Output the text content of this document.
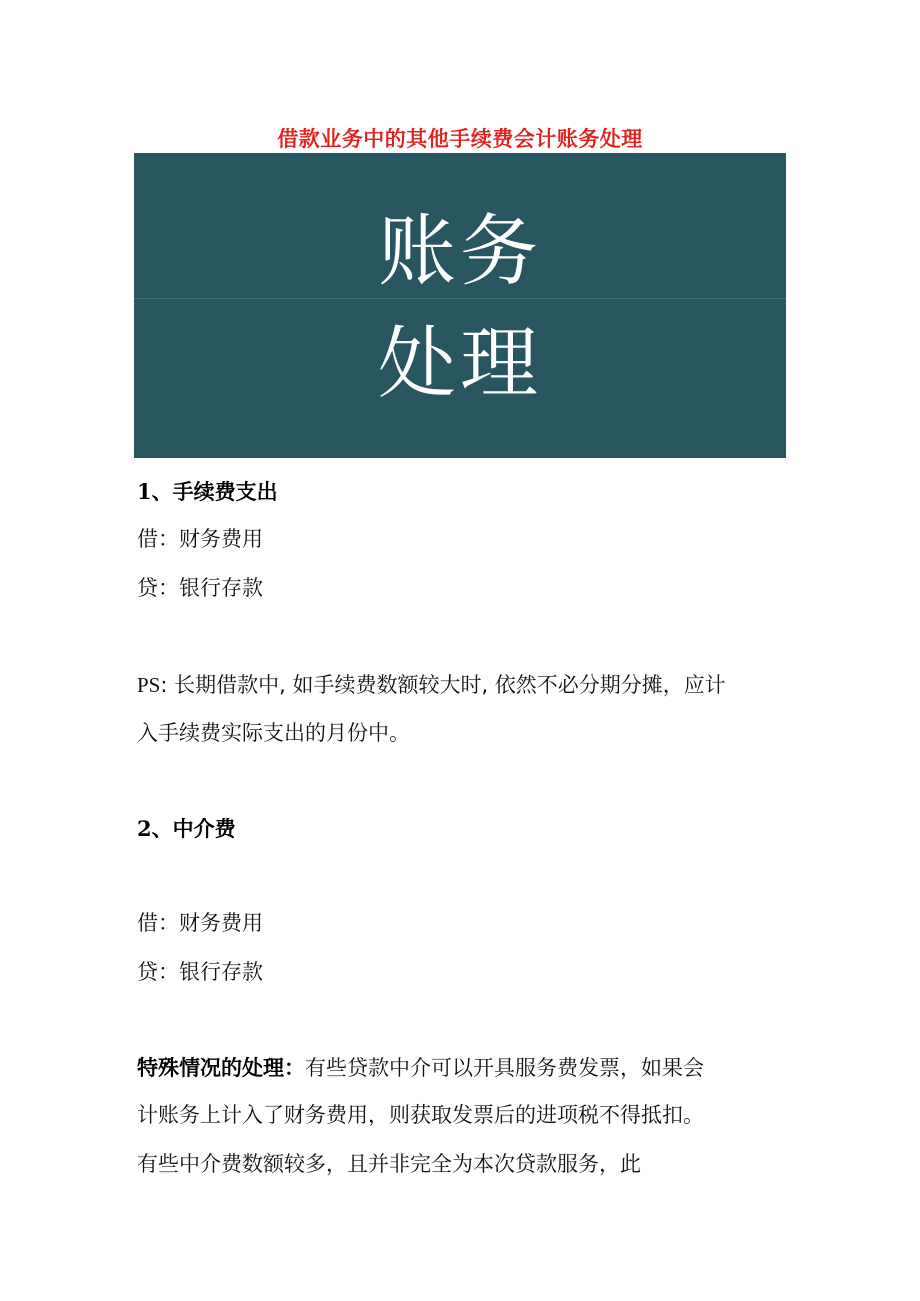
借款业务中的其他手续费会计账务处理
账务
处理
1、手续费支出
借：财务费用
贷：银行存款
PS: 长期借款中, 如手续费数额较大时, 依然不必分期分摊，应计
入手续费实际支出的月份中。
2、中介费
借：财务费用
贷：银行存款
特殊情况的处理：有些贷款中介可以开具服务费发票，如果会
计账务上计入了财务费用，则获取发票后的进项税不得抵扣。
有些中介费数额较多，且并非完全为本次贷款服务，此
